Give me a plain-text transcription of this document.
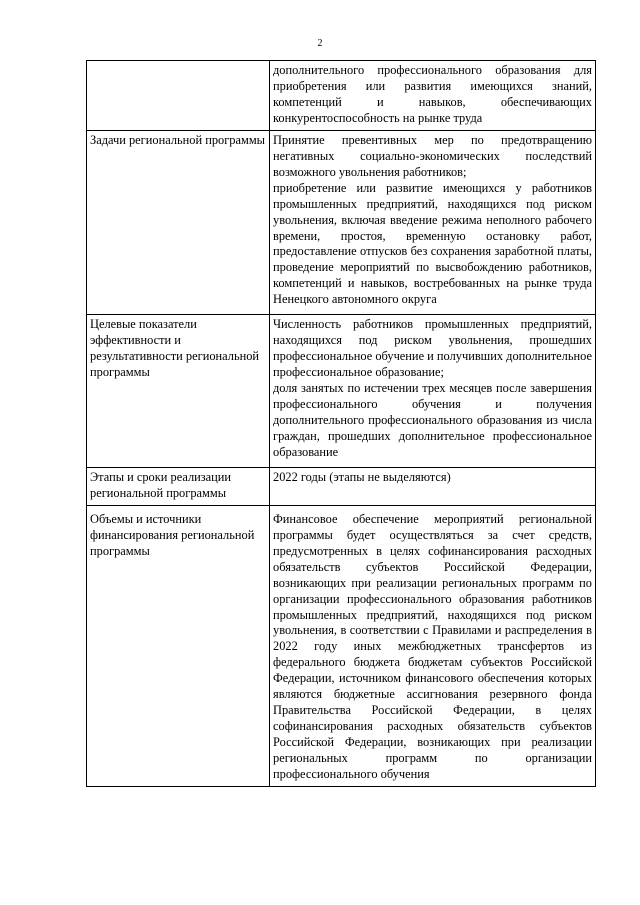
2

	дополнительного профессионального образования для приобретения или развития имеющихся знаний, компетенций и навыков, обеспечивающих конкурентоспособность на рынке труда

Задачи региональной программы	Принятие превентивных мер по предотвращению негативных социально-экономических последствий возможного увольнения работников;
приобретение или развитие имеющихся у работников промышленных предприятий, находящихся под риском увольнения, включая введение режима неполного рабочего времени, простоя, временную остановку работ, предоставление отпусков без сохранения заработной платы, проведение мероприятий по высвобождению работников, компетенций и навыков, востребованных на рынке труда Ненецкого автономного округа

Целевые показатели эффективности и результативности региональной программы	Численность работников промышленных предприятий, находящихся под риском увольнения, прошедших профессиональное обучение и получивших дополнительное профессиональное образование;
доля занятых по истечении трех месяцев после завершения профессионального обучения и получения дополнительного профессионального образования из числа граждан, прошедших дополнительное профессиональное образование

Этапы и сроки реализации региональной программы	2022 годы (этапы не выделяются)

Объемы и источники финансирования региональной программы	Финансовое обеспечение мероприятий региональной программы будет осуществляться за счет средств, предусмотренных в целях софинансирования расходных обязательств субъектов Российской Федерации, возникающих при реализации региональных программ по организации профессионального образования работников промышленных предприятий, находящихся под риском увольнения, в соответствии с Правилами и распределения в 2022 году иных межбюджетных трансфертов из федерального бюджета бюджетам субъектов Российской Федерации, источником финансового обеспечения которых являются бюджетные ассигнования резервного фонда Правительства Российской Федерации, в целях софинансирования расходных обязательств субъектов Российской Федерации, возникающих при реализации региональных программ по организации профессионального обучения
